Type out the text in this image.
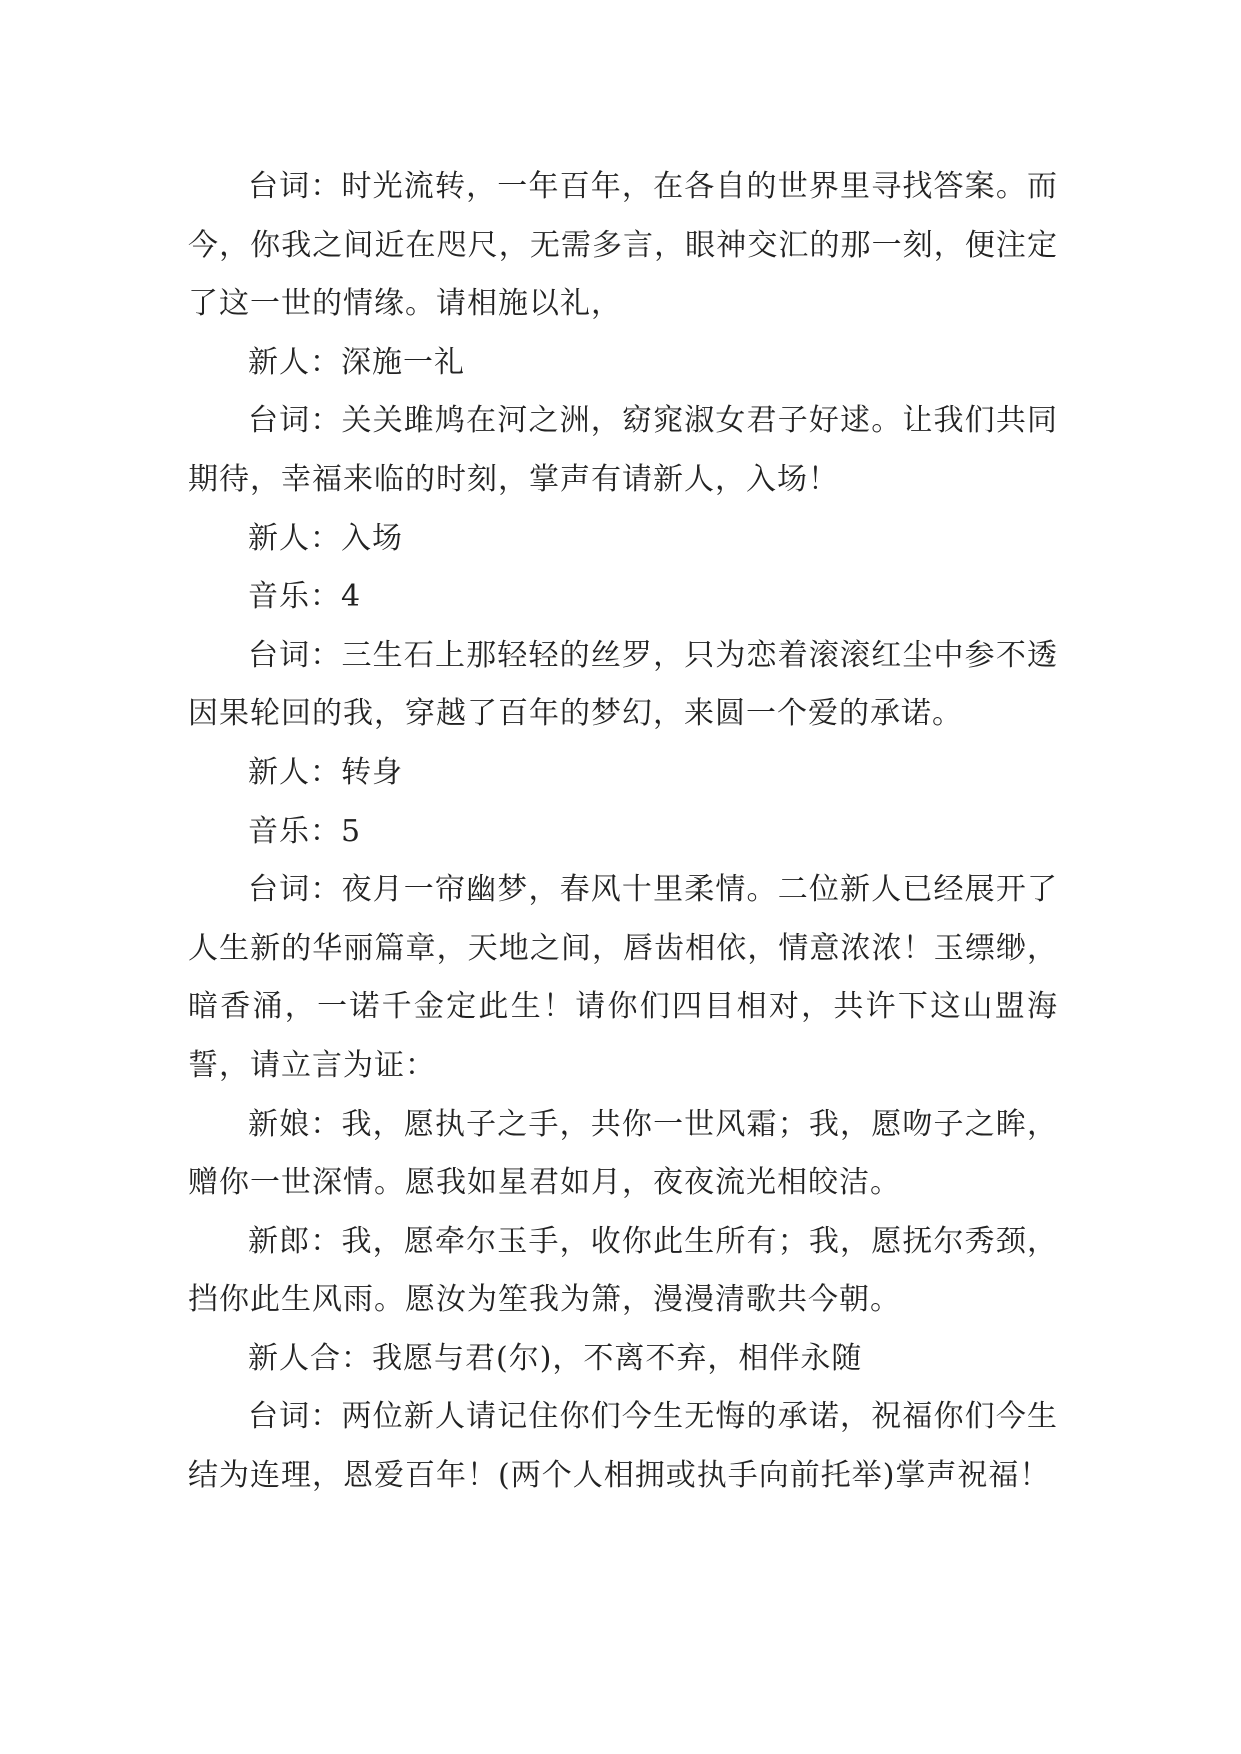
台词：时光流转，一年百年，在各自的世界里寻找答案。而今，你我之间近在咫尺，无需多言，眼神交汇的那一刻，便注定了这一世的情缘。请相施以礼，

新人：深施一礼

台词：关关雎鸠在河之洲，窈窕淑女君子好逑。让我们共同期待，幸福来临的时刻，掌声有请新人，入场！

新人：入场

音乐：4

台词：三生石上那轻轻的丝罗，只为恋着滚滚红尘中参不透因果轮回的我，穿越了百年的梦幻，来圆一个爱的承诺。

新人：转身

音乐：5

台词：夜月一帘幽梦，春风十里柔情。二位新人已经展开了人生新的华丽篇章，天地之间，唇齿相依，情意浓浓！玉缥缈，暗香涌，一诺千金定此生！请你们四目相对，共许下这山盟海誓，请立言为证：

新娘：我，愿执子之手，共你一世风霜；我，愿吻子之眸，赠你一世深情。愿我如星君如月，夜夜流光相皎洁。

新郎：我，愿牵尔玉手，收你此生所有；我，愿抚尔秀颈，挡你此生风雨。愿汝为笙我为箫，漫漫清歌共今朝。

新人合：我愿与君(尔)，不离不弃，相伴永随

台词：两位新人请记住你们今生无悔的承诺，祝福你们今生结为连理，恩爱百年！(两个人相拥或执手向前托举)掌声祝福！
